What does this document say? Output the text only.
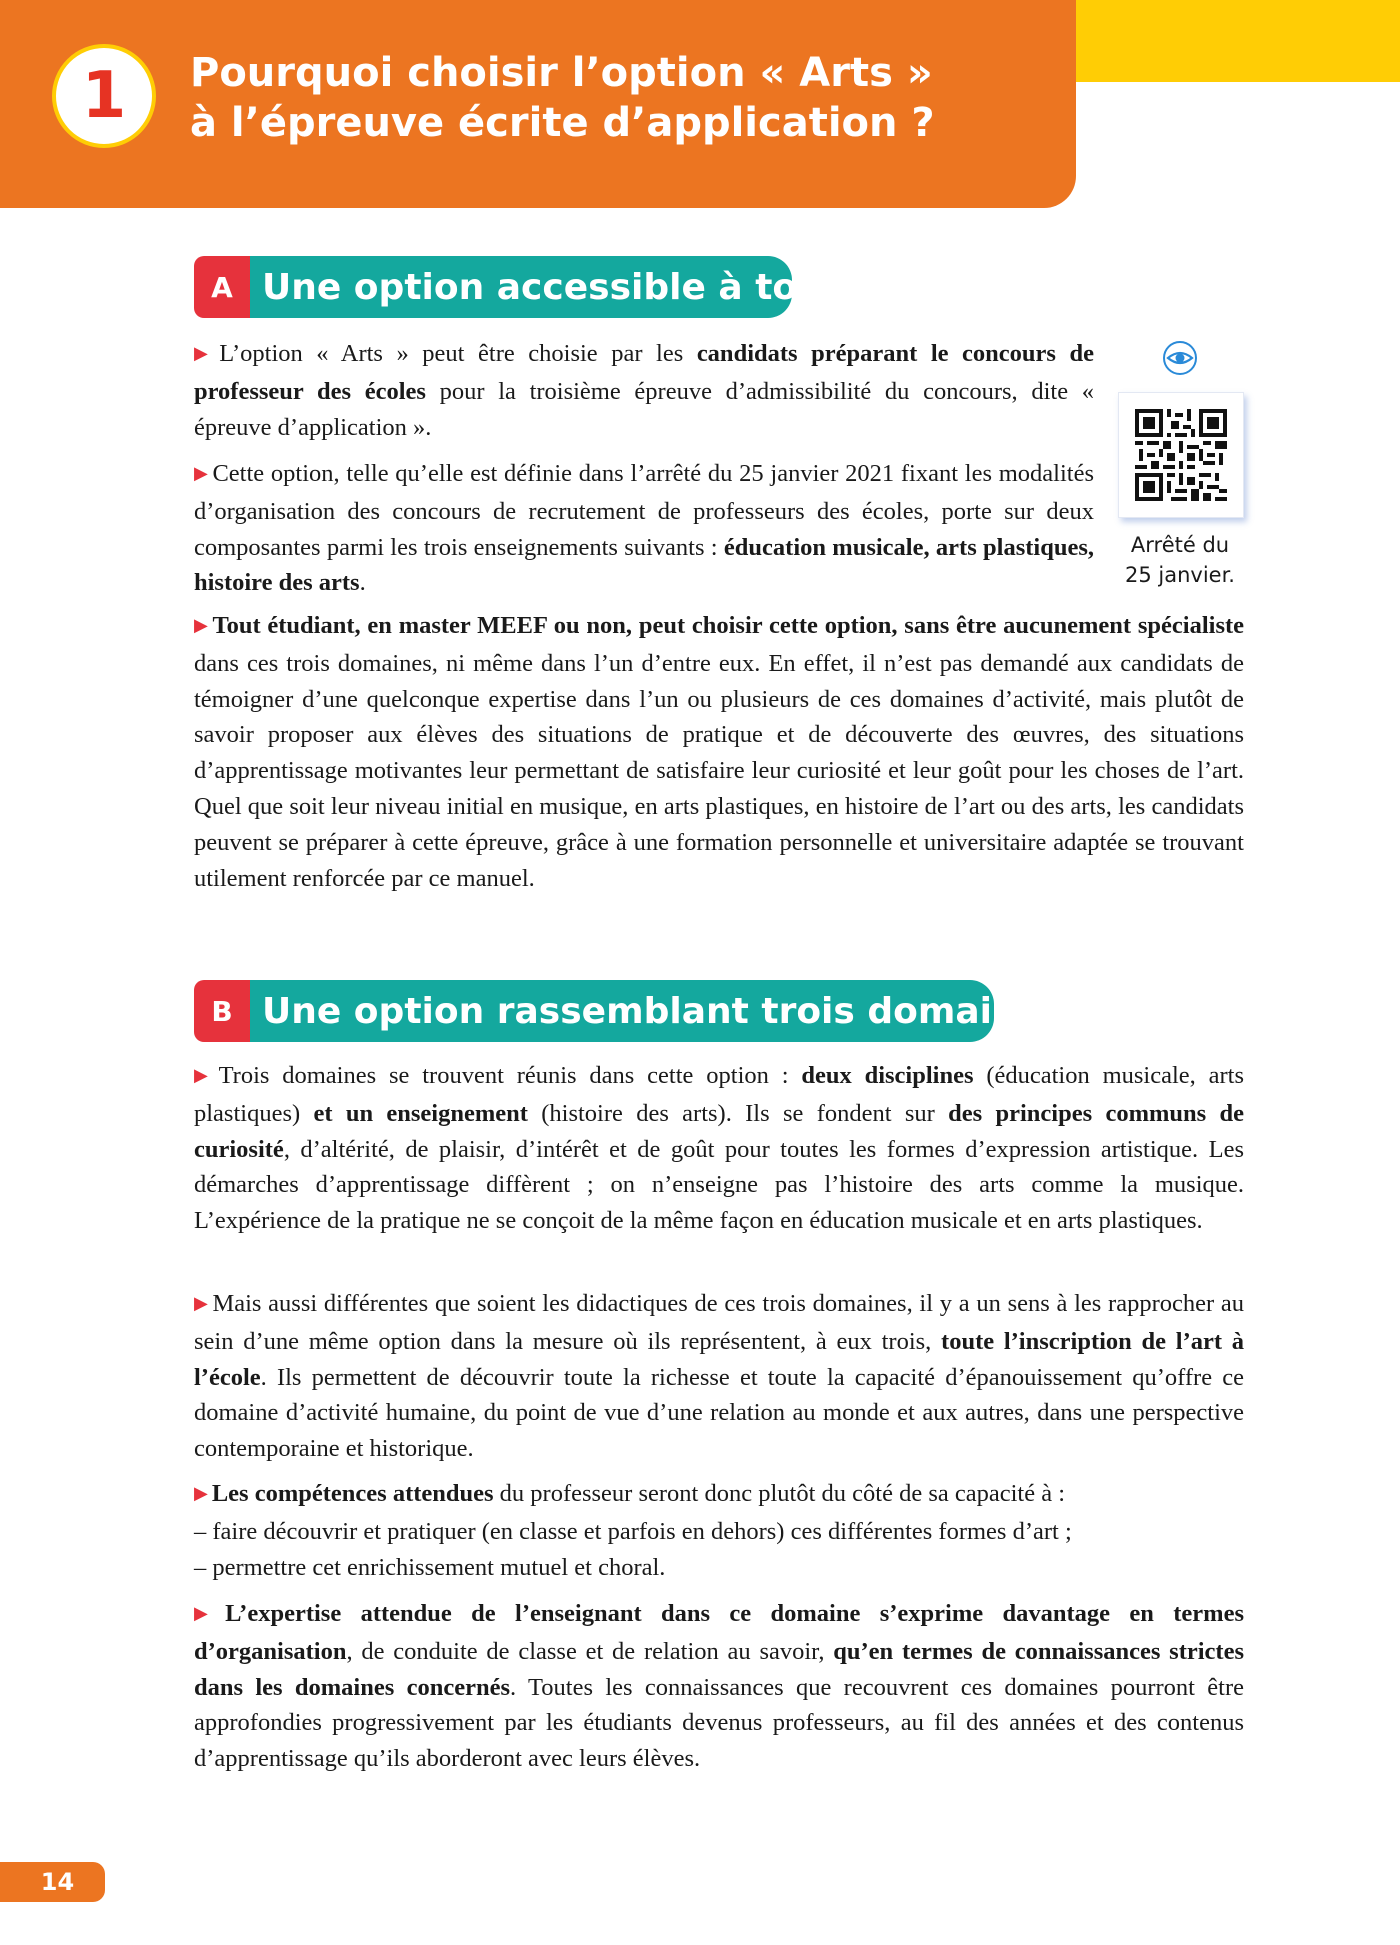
1	Pourquoi choisir l’option « Arts »
à l’épreuve écrite d’application ?
A Une option accessible à tous

▶ L’option « Arts » peut être choisie par les candidats préparant le concours de professeur des écoles pour la troisième épreuve d’admissibilité du concours, dite « épreuve d’application ».

▶ Cette option, telle qu’elle est définie dans l’arrêté du 25 janvier 2021 fixant les modalités d’organisation des concours de recrutement de professeurs des écoles, porte sur deux composantes parmi les trois enseignements suivants : éducation musicale, arts plastiques, histoire des arts.

Arrêté du
25 janvier.

▶ Tout étudiant, en master MEEF ou non, peut choisir cette option, sans être aucunement spécialiste dans ces trois domaines, ni même dans l’un d’entre eux. En effet, il n’est pas demandé aux candidats de témoigner d’une quelconque expertise dans l’un ou plusieurs de ces domaines d’activité, mais plutôt de savoir proposer aux élèves des situations de pratique et de découverte des œuvres, des situations d’apprentissage motivantes leur permettant de satisfaire leur curiosité et leur goût pour les choses de l’art. Quel que soit leur niveau initial en musique, en arts plastiques, en histoire de l’art ou des arts, les candidats peuvent se préparer à cette épreuve, grâce à une formation personnelle et universitaire adaptée se trouvant utilement renforcée par ce manuel.

B Une option rassemblant trois domaines

▶ Trois domaines se trouvent réunis dans cette option : deux disciplines (éducation musicale, arts plastiques) et un enseignement (histoire des arts). Ils se fondent sur des principes communs de curiosité, d’altérité, de plaisir, d’intérêt et de goût pour toutes les formes d’expression artistique. Les démarches d’apprentissage diffèrent ; on n’enseigne pas l’histoire des arts comme la musique. L’expérience de la pratique ne se conçoit de la même façon en éducation musicale et en arts plastiques.

▶ Mais aussi différentes que soient les didactiques de ces trois domaines, il y a un sens à les rapprocher au sein d’une même option dans la mesure où ils représentent, à eux trois, toute l’inscription de l’art à l’école. Ils permettent de découvrir toute la richesse et toute la capacité d’épanouissement qu’offre ce domaine d’activité humaine, du point de vue d’une relation au monde et aux autres, dans une perspective contemporaine et historique.

▶ Les compétences attendues du professeur seront donc plutôt du côté de sa capacité à :
– faire découvrir et pratiquer (en classe et parfois en dehors) ces différentes formes d’art ;
– permettre cet enrichissement mutuel et choral.

▶ L’expertise attendue de l’enseignant dans ce domaine s’exprime davantage en termes d’organisation, de conduite de classe et de relation au savoir, qu’en termes de connaissances strictes dans les domaines concernés. Toutes les connaissances que recouvrent ces domaines pourront être approfondies progressivement par les étudiants devenus professeurs, au fil des années et des contenus d’apprentissage qu’ils aborderont avec leurs élèves.

14
